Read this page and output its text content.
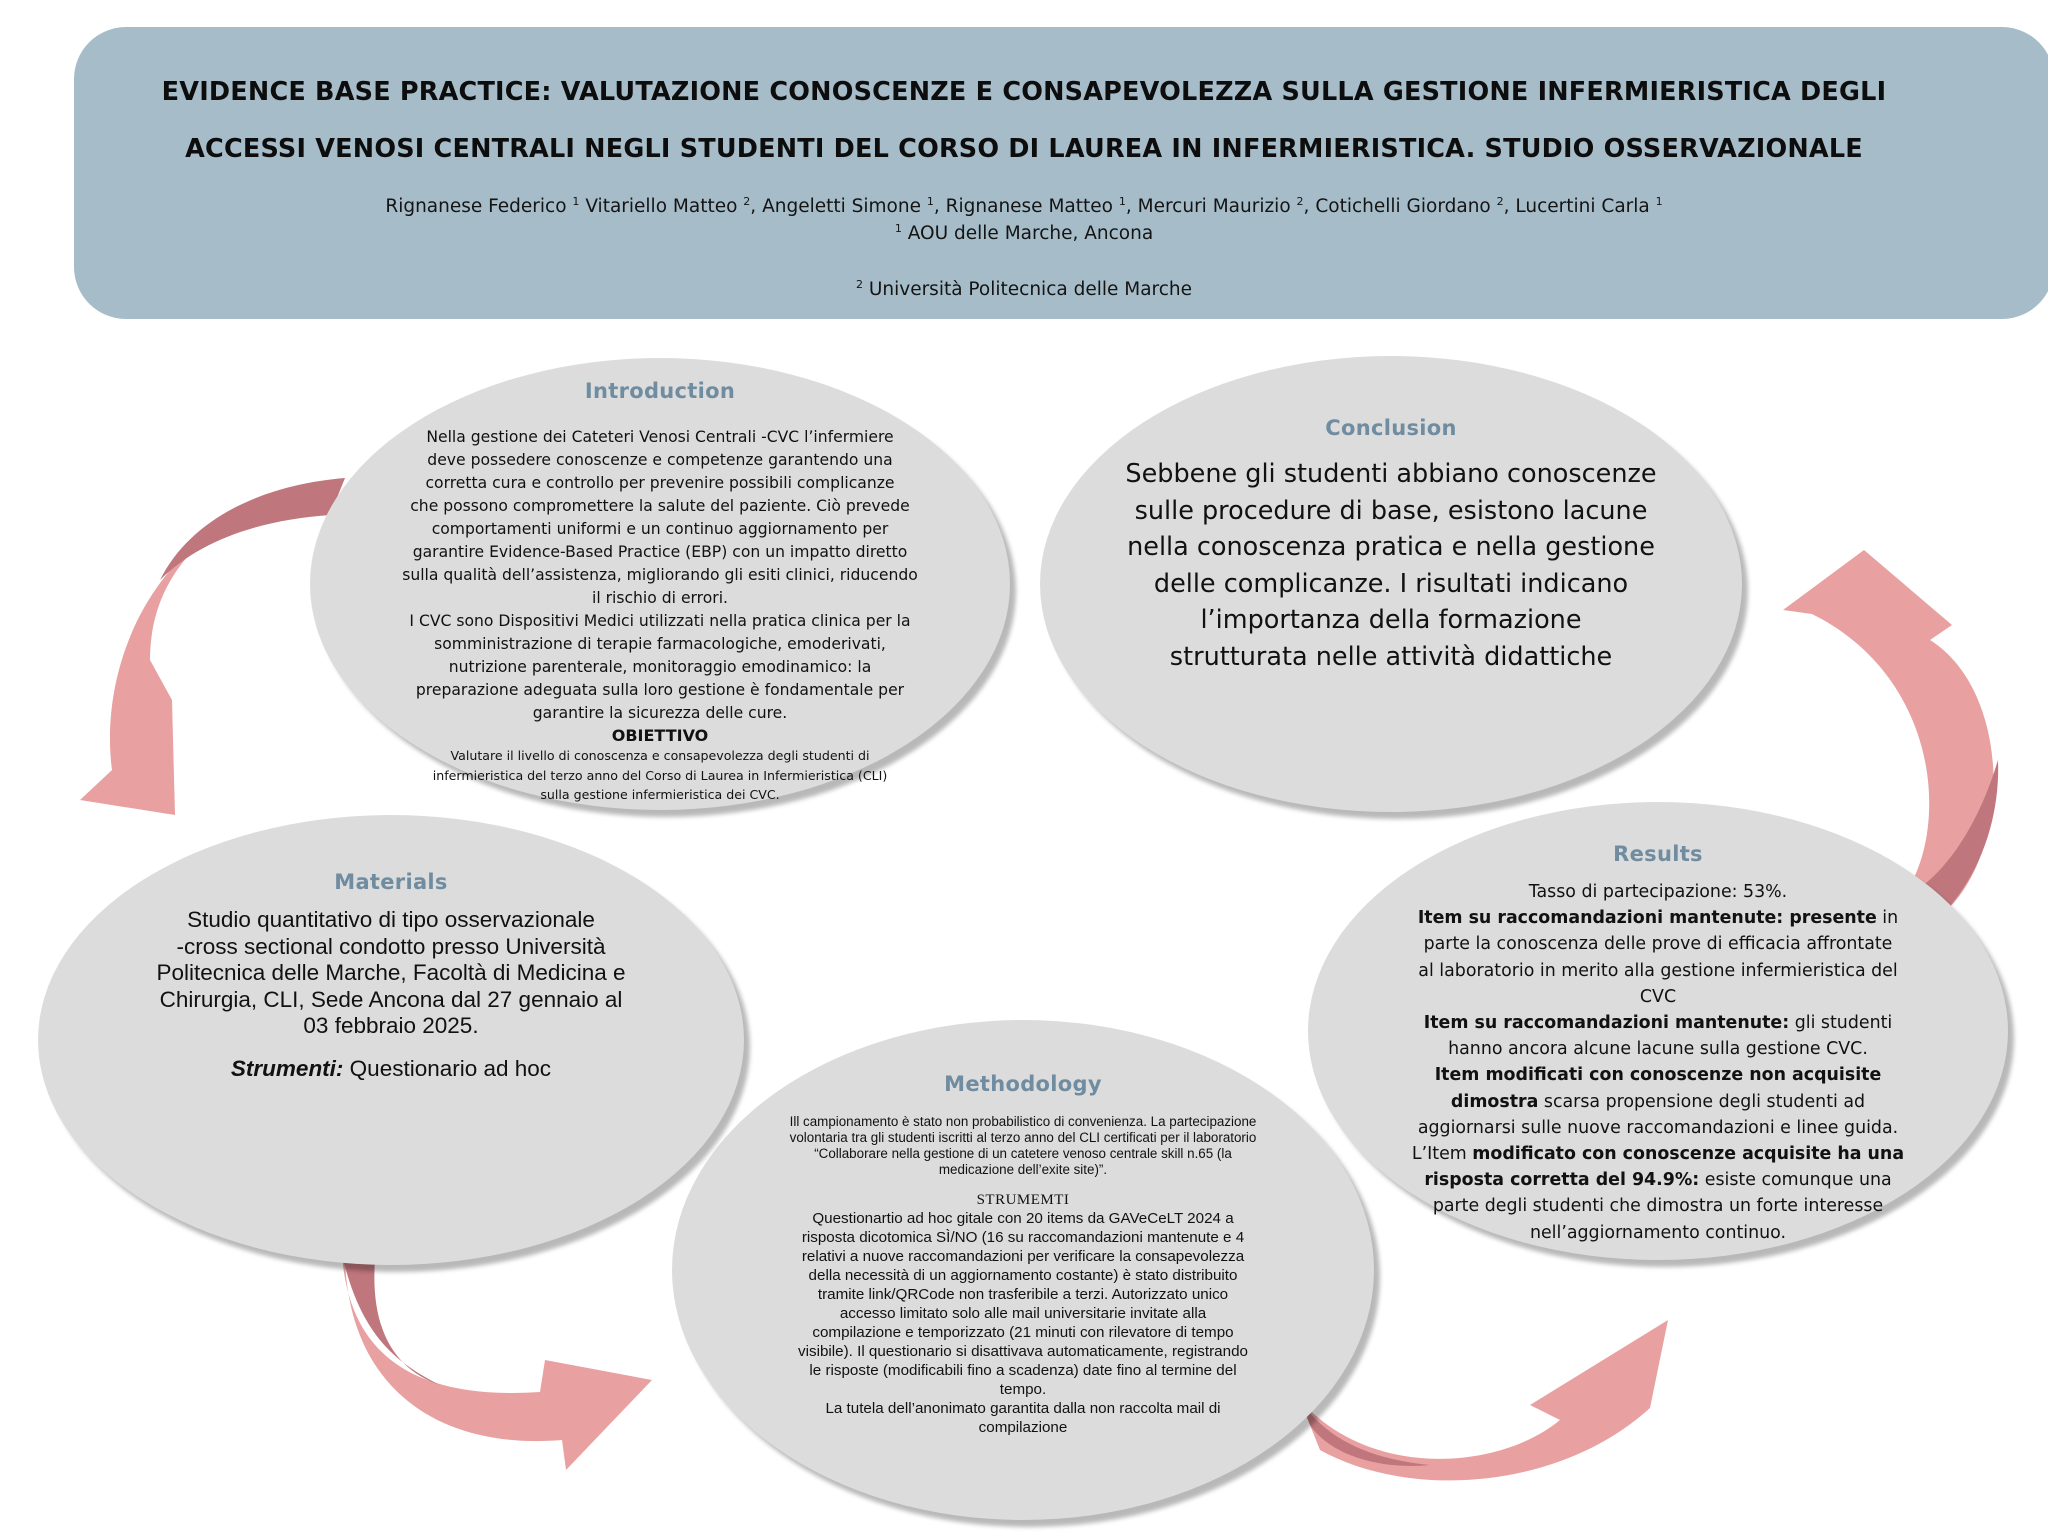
EVIDENCE BASE PRACTICE: VALUTAZIONE CONOSCENZE E CONSAPEVOLEZZA SULLA GESTIONE INFERMIERISTICA DEGLI
ACCESSI VENOSI CENTRALI NEGLI STUDENTI DEL CORSO DI LAUREA IN INFERMIERISTICA. STUDIO OSSERVAZIONALE
Rignanese Federico $^1$ Vitariello Matteo $^2$, Angeletti Simone $^1$, Rignanese Matteo $^1$, Mercuri Maurizio $^2$, Cotichelli Giordano $^2$, Lucertini Carla $^1$
$^1$ AOU delle Marche, Ancona
$^2$ Università Politecnica delle Marche
Introduction
Nella gestione dei Cateteri Venosi Centrali -CVC l’infermiere
deve possedere conoscenze e competenze garantendo una
corretta cura e controllo per prevenire possibili complicanze
che possono compromettere la salute del paziente. Ciò prevede
comportamenti uniformi e un continuo aggiornamento per
garantire Evidence-Based Practice (EBP) con un impatto diretto
sulla qualità dell’assistenza, migliorando gli esiti clinici, riducendo
il rischio di errori.
I CVC sono Dispositivi Medici utilizzati nella pratica clinica per la
somministrazione di terapie farmacologiche, emoderivati,
nutrizione parenterale, monitoraggio emodinamico: la
preparazione adeguata sulla loro gestione è fondamentale per
garantire la sicurezza delle cure.
OBIETTIVO
Valutare il livello di conoscenza e consapevolezza degli studenti di
infermieristica del terzo anno del Corso di Laurea in Infermieristica (CLI)
sulla gestione infermieristica dei CVC.
Conclusion
Sebbene gli studenti abbiano conoscenze
sulle procedure di base, esistono lacune
nella conoscenza pratica e nella gestione
delle complicanze. I risultati indicano
l’importanza della formazione
strutturata nelle attività didattiche
Materials
Studio quantitativo di tipo osservazionale
-cross sectional condotto presso Università
Politecnica delle Marche, Facoltà di Medicina e
Chirurgia, CLI, Sede Ancona dal 27 gennaio al
03 febbraio 2025.
Strumenti: Questionario ad hoc
Results
Tasso di partecipazione: 53%.
Item su raccomandazioni mantenute: presente in
parte la conoscenza delle prove di efficacia affrontate
al laboratorio in merito alla gestione infermieristica del
CVC
Item su raccomandazioni mantenute: gli studenti
hanno ancora alcune lacune sulla gestione CVC.
Item modificati con conoscenze non acquisite
dimostra scarsa propensione degli studenti ad
aggiornarsi sulle nuove raccomandazioni e linee guida.
L’Item modificato con conoscenze acquisite ha una
risposta corretta del 94.9%: esiste comunque una
parte degli studenti che dimostra un forte interesse
nell’aggiornamento continuo.
Methodology
Ill campionamento è stato non probabilistico di convenienza. La partecipazione
volontaria tra gli studenti iscritti al terzo anno del CLI certificati per il laboratorio
“Collaborare nella gestione di un catetere venoso centrale skill n.65 (la
medicazione dell’exite site)”.
STRUMEMTI
Questionartio ad hoc gitale con 20 items da GAVeCeLT 2024 a
risposta dicotomica SÌ/NO (16 su raccomandazioni mantenute e 4
relativi a nuove raccomandazioni per verificare la consapevolezza
della necessità di un aggiornamento costante) è stato distribuito
tramite link/QRCode non trasferibile a terzi. Autorizzato unico
accesso limitato solo alle mail universitarie invitate alla
compilazione e temporizzato (21 minuti con rilevatore di tempo
visibile). Il questionario si disattivava automaticamente, registrando
le risposte (modificabili fino a scadenza) date fino al termine del
tempo.
La tutela dell’anonimato garantita dalla non raccolta mail di
compilazione
